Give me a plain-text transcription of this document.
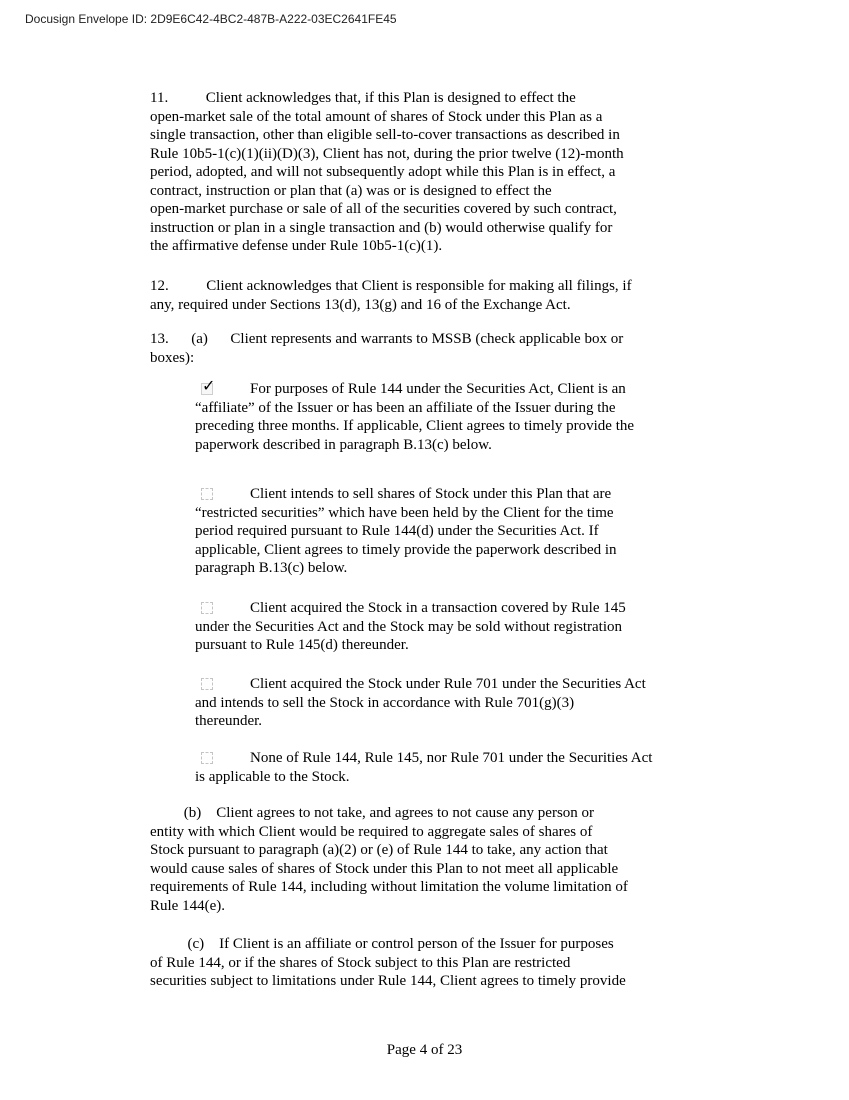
Docusign Envelope ID: 2D9E6C42-4BC2-487B-A222-03EC2641FE45
11.          Client acknowledges that, if this Plan is designed to effect the
open-market sale of the total amount of shares of Stock under this Plan as a
single transaction, other than eligible sell-to-cover transactions as described in
Rule 10b5-1(c)(1)(ii)(D)(3), Client has not, during the prior twelve (12)-month
period, adopted, and will not subsequently adopt while this Plan is in effect, a
contract, instruction or plan that (a) was or is designed to effect the
open-market purchase or sale of all of the securities covered by such contract,
instruction or plan in a single transaction and (b) would otherwise qualify for
the affirmative defense under Rule 10b5-1(c)(1).
12.          Client acknowledges that Client is responsible for making all filings, if
any, required under Sections 13(d), 13(g) and 16 of the Exchange Act.
13.      (a)      Client represents and warrants to MSSB (check applicable box or
boxes):
✓
For purposes of Rule 144 under the Securities Act, Client is an
“affiliate” of the Issuer or has been an affiliate of the Issuer during the
preceding three months. If applicable, Client agrees to timely provide the
paperwork described in paragraph B.13(c) below.
Client intends to sell shares of Stock under this Plan that are
“restricted securities” which have been held by the Client for the time
period required pursuant to Rule 144(d) under the Securities Act. If
applicable, Client agrees to timely provide the paperwork described in
paragraph B.13(c) below.
Client acquired the Stock in a transaction covered by Rule 145
under the Securities Act and the Stock may be sold without registration
pursuant to Rule 145(d) thereunder.
Client acquired the Stock under Rule 701 under the Securities Act
and intends to sell the Stock in accordance with Rule 701(g)(3)
thereunder.
None of Rule 144, Rule 145, nor Rule 701 under the Securities Act
is applicable to the Stock.
(b)    Client agrees to not take, and agrees to not cause any person or
entity with which Client would be required to aggregate sales of shares of
Stock pursuant to paragraph (a)(2) or (e) of Rule 144 to take, any action that
would cause sales of shares of Stock under this Plan to not meet all applicable
requirements of Rule 144, including without limitation the volume limitation of
Rule 144(e).
(c)    If Client is an affiliate or control person of the Issuer for purposes
of Rule 144, or if the shares of Stock subject to this Plan are restricted
securities subject to limitations under Rule 144, Client agrees to timely provide
Page 4 of 23
